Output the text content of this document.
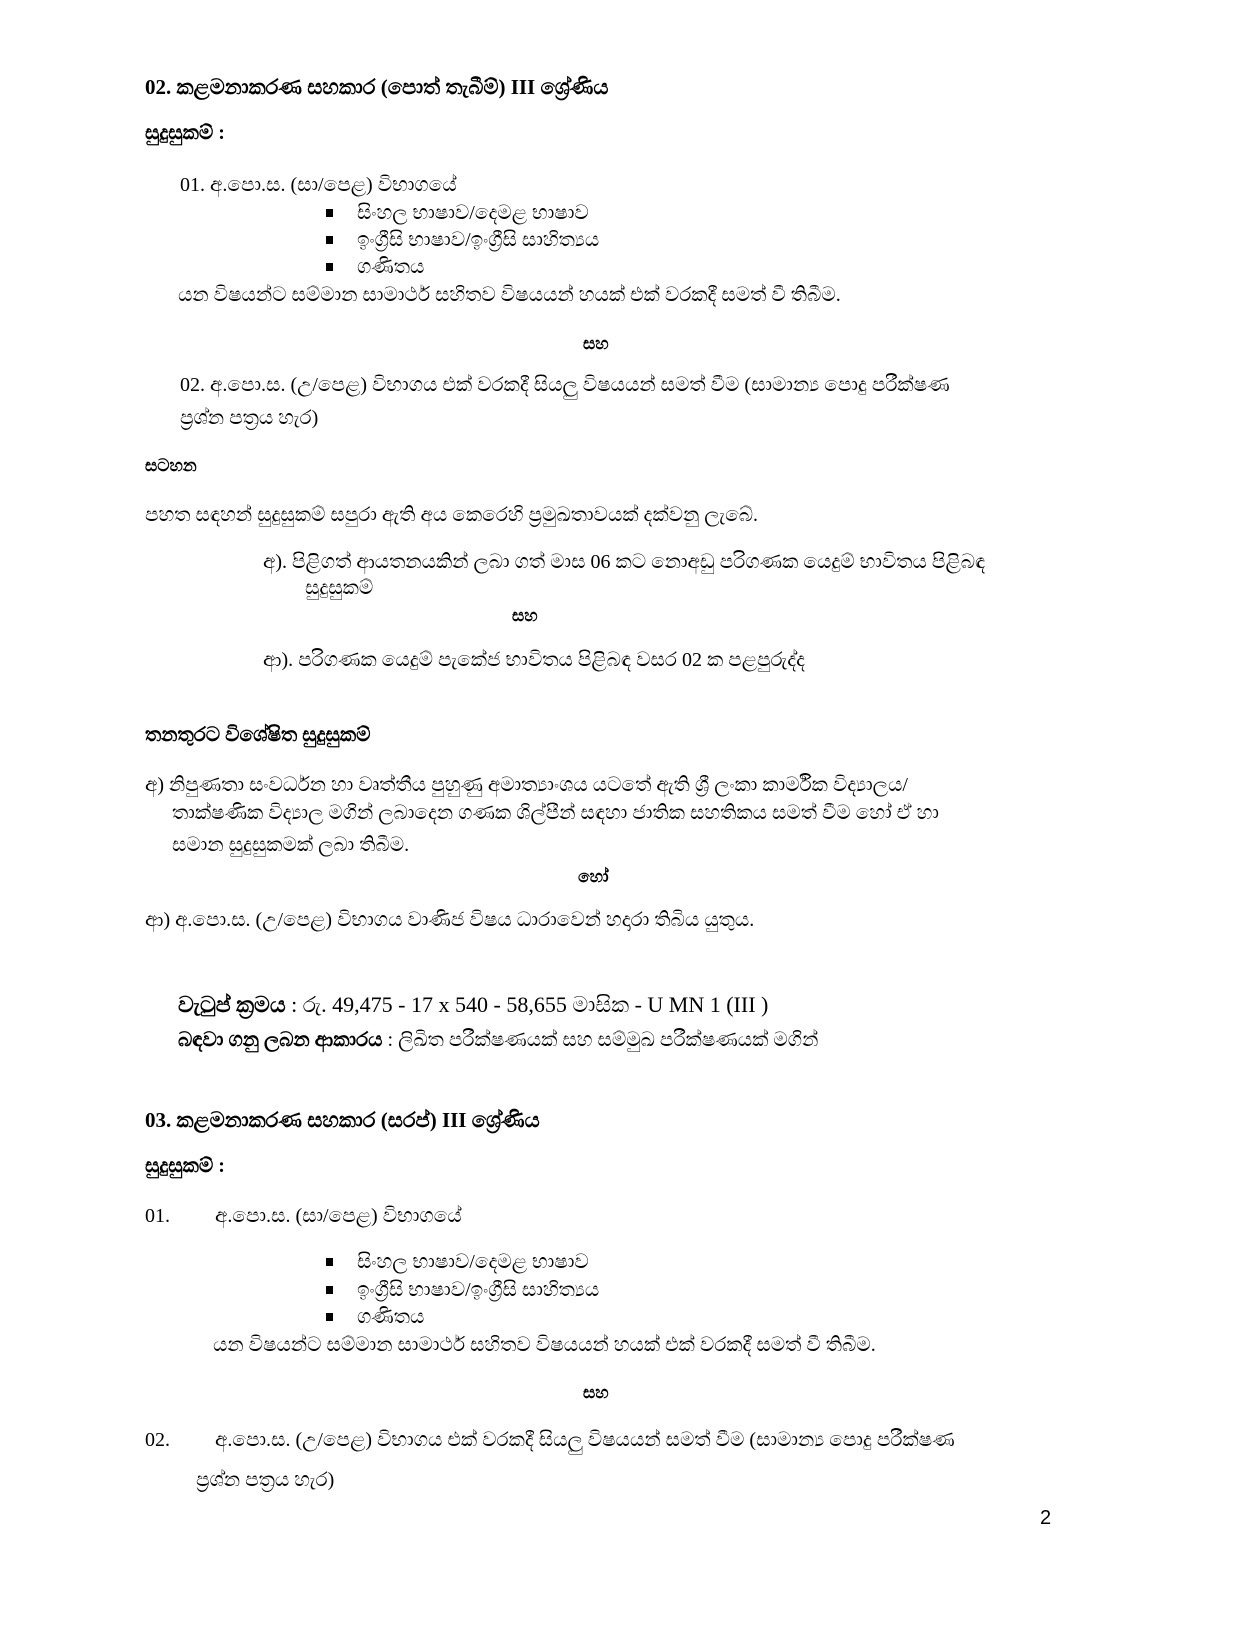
02. කළමනාකරණ සහකාර (පොත් තැබීම්) III ශ්‍රේණිය
සුදුසුකම් :
01. අ.පො.ස. (සා/පෙළ) විභාගයේ
සිංහල භාෂාව/දෙමළ භාෂාව
ඉංග්‍රීසි භාෂාව/ඉංග්‍රීසි සාහිත්‍යය
ගණිතය
යන විෂයන්ට සම්මාන සාමාර්ථ සහිතව විෂයයන් හයක් එක් වරකදී සමත් වී තිබීම.
සහ
02. අ.පො.ස. (උ/පෙළ) විභාගය එක් වරකදී සියලු විෂයයන් සමත් වීම (සාමාන්‍ය පොදු පරීක්ෂණ
ප්‍රශ්න පත්‍රය හැර)
සටහන
පහත සඳහන් සුදුසුකම් සපුරා ඇති අය කෙරෙහි ප්‍රමුඛතාවයක් දක්වනු ලැබේ.
අ). පිළිගත් ආයතනයකින් ලබා ගත් මාස 06 කට නොඅඩු පරිගණක යෙදුම් භාවිතය පිළිබඳ
සුදුසුකම්
සහ
ආ). පරිගණක යෙදුම් පැකේජ භාවිතය පිළිබඳ වසර 02 ක පළපුරුද්ද
තනතුරට විශේෂිත සුදුසුකම්
අ) නිපුණතා සංවර්ධන හා වෘත්තීය පුහුණු අමාත්‍යාංශය යටතේ ඇති ශ්‍රී ලංකා කාර්මික විද්‍යාලය/
තාක්ෂණික විද්‍යාල මගින් ලබාදෙන ගණක ශිල්පීන් සඳහා ජාතික සහතිකය සමත් වීම හෝ ඒ හා
සමාන සුදුසුකමක් ලබා තිබීම.
හෝ
ආ) අ.පො.ස. (උ/පෙළ) විභාගය වාණිජ විෂය ධාරාවෙන් හදාරා තිබිය යුතුය.
වැටුප් ක්‍රමය : රු. 49,475 - 17 x 540 - 58,655 මාසික - U MN 1 (III )
බඳවා ගනු ලබන ආකාරය : ලිඛිත පරීක්ෂණයක් සහ සම්මුඛ පරීක්ෂණයක් මගින්
03. කළමනාකරණ සහකාර (සරප්) III ශ්‍රේණිය
සුදුසුකම් :
01. අ.පො.ස. (සා/පෙළ) විභාගයේ
සිංහල භාෂාව/දෙමළ භාෂාව
ඉංග්‍රීසි භාෂාව/ඉංග්‍රීසි සාහිත්‍යය
ගණිතය
යන විෂයන්ට සම්මාන සාමාර්ථ සහිතව විෂයයන් හයක් එක් වරකදී සමත් වී තිබීම.
සහ
02. අ.පො.ස. (උ/පෙළ) විභාගය එක් වරකදී සියලු විෂයයන් සමත් වීම (සාමාන්‍ය පොදු පරීක්ෂණ
ප්‍රශ්න පත්‍රය හැර)
2
